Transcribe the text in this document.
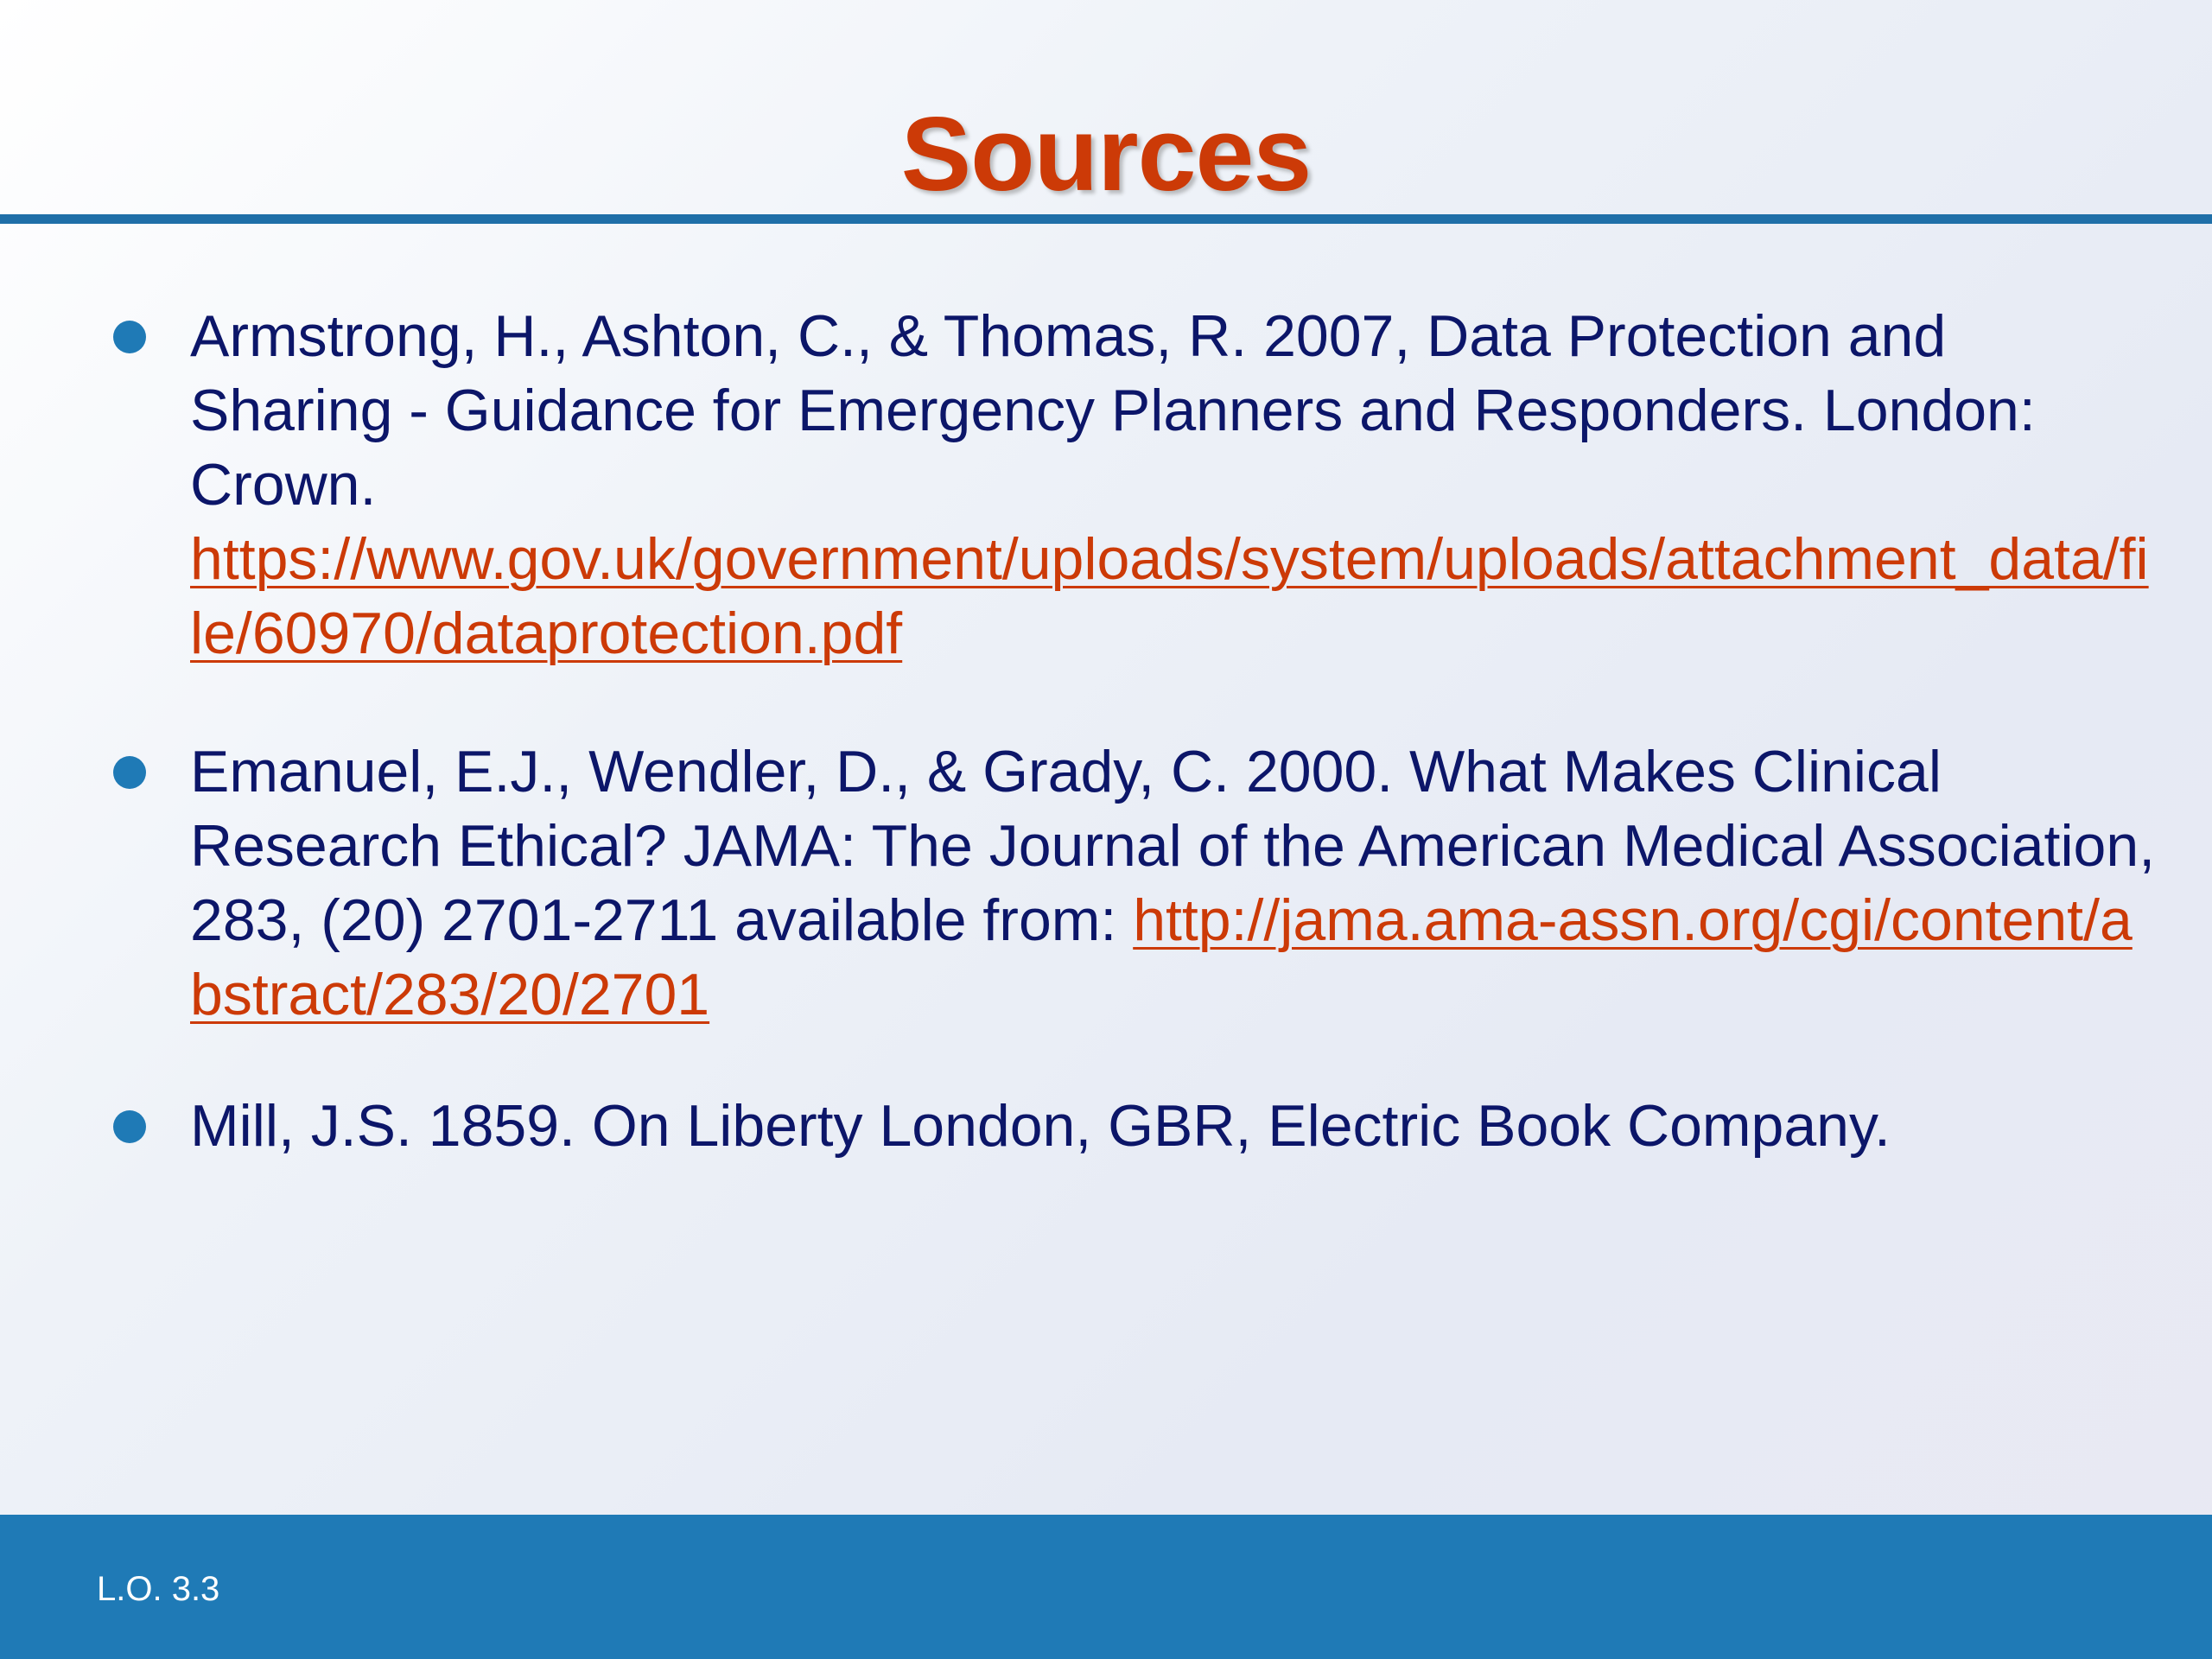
Sources
Armstrong, H., Ashton, C., & Thomas, R. 2007, Data Protection and Sharing - Guidance for Emergency Planners and Responders. London: Crown.
https://www.gov.uk/government/uploads/system/uploads/attachment_data/file/60970/dataprotection.pdf
Emanuel, E.J., Wendler, D., & Grady, C. 2000. What Makes Clinical Research Ethical? JAMA: The Journal of the American Medical Association, 283, (20) 2701-2711 available from: http://jama.ama-assn.org/cgi/content/abstract/283/20/2701
Mill, J.S. 1859. On Liberty London, GBR, Electric Book Company.
L.O. 3.3
